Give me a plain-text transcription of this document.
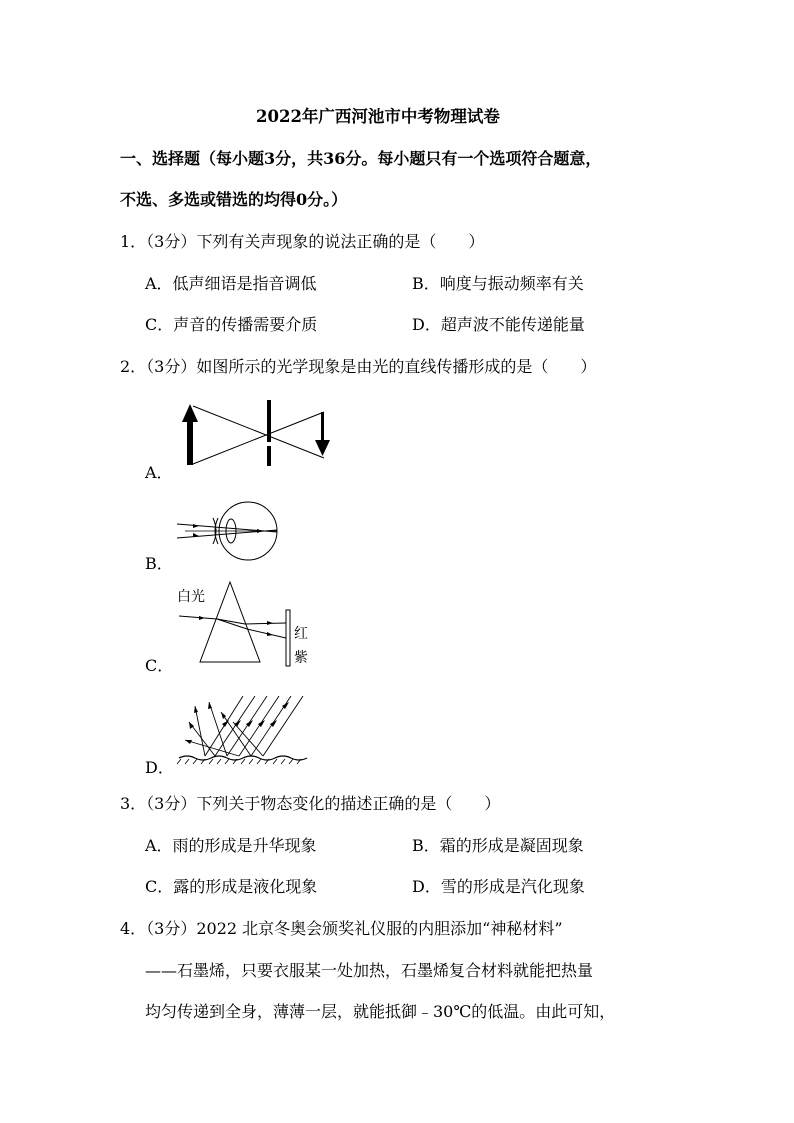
2022年广西河池市中考物理试卷
一、选择题（每小题3分，共36分。每小题只有一个选项符合题意，
不选、多选或错选的均得0分。）
1．（3分）下列有关声现象的说法正确的是（　　）
A．低声细语是指音调低	B．响度与振动频率有关
C．声音的传播需要介质	D．超声波不能传递能量
2．（3分）如图所示的光学现象是由光的直线传播形成的是（　　）
A．
B．
C．
白光
红
紫
D．
3．（3分）下列关于物态变化的描述正确的是（　　）
A．雨的形成是升华现象	B．霜的形成是凝固现象
C．露的形成是液化现象	D．雪的形成是汽化现象
4．（3分）2022 北京冬奥会颁奖礼仪服的内胆添加“神秘材料”
——石墨烯，只要衣服某一处加热，石墨烯复合材料就能把热量
均匀传递到全身，薄薄一层，就能抵御﹣30℃的低温。由此可知，
